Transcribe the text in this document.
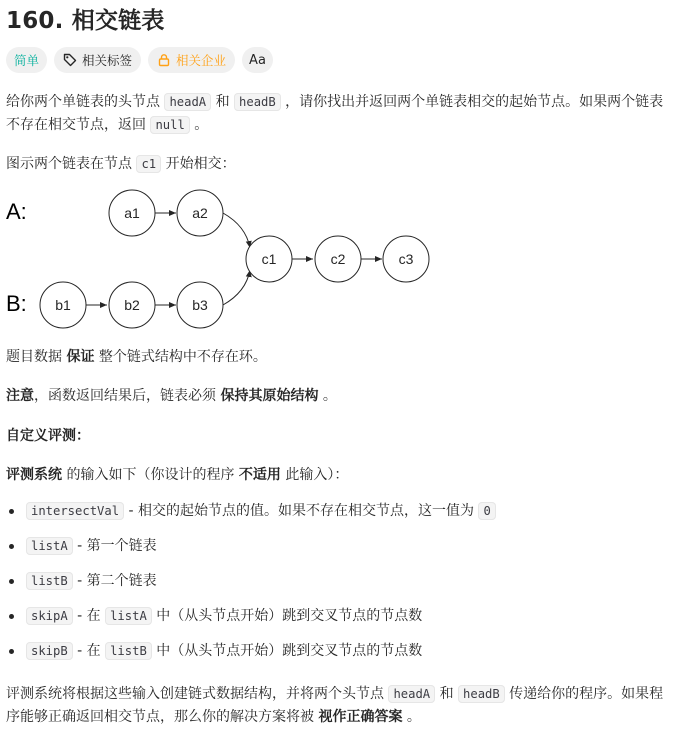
160. 相交链表
简单	相关标签	相关企业 Aa
给你两个单链表的头节点 headA 和 headB ，请你找出并返回两个单链表相交的起始节点。如果两个链表不存在相交节点，返回 null 。
图示两个链表在节点 c1 开始相交：
A:
B:
a1	a2
c1	c2	c3
b1	b2	b3
题目数据 保证 整个链式结构中不存在环。
注意，函数返回结果后，链表必须 保持其原始结构 。
自定义评测：
评测系统 的输入如下（你设计的程序 不适用 此输入）：
intersectVal - 相交的起始节点的值。如果不存在相交节点，这一值为 0
listA - 第一个链表
listB - 第二个链表
skipA - 在 listA 中（从头节点开始）跳到交叉节点的节点数
skipB - 在 listB 中（从头节点开始）跳到交叉节点的节点数
评测系统将根据这些输入创建链式数据结构，并将两个头节点 headA 和 headB 传递给你的程序。如果程序能够正确返回相交节点，那么你的解决方案将被 视作正确答案 。
